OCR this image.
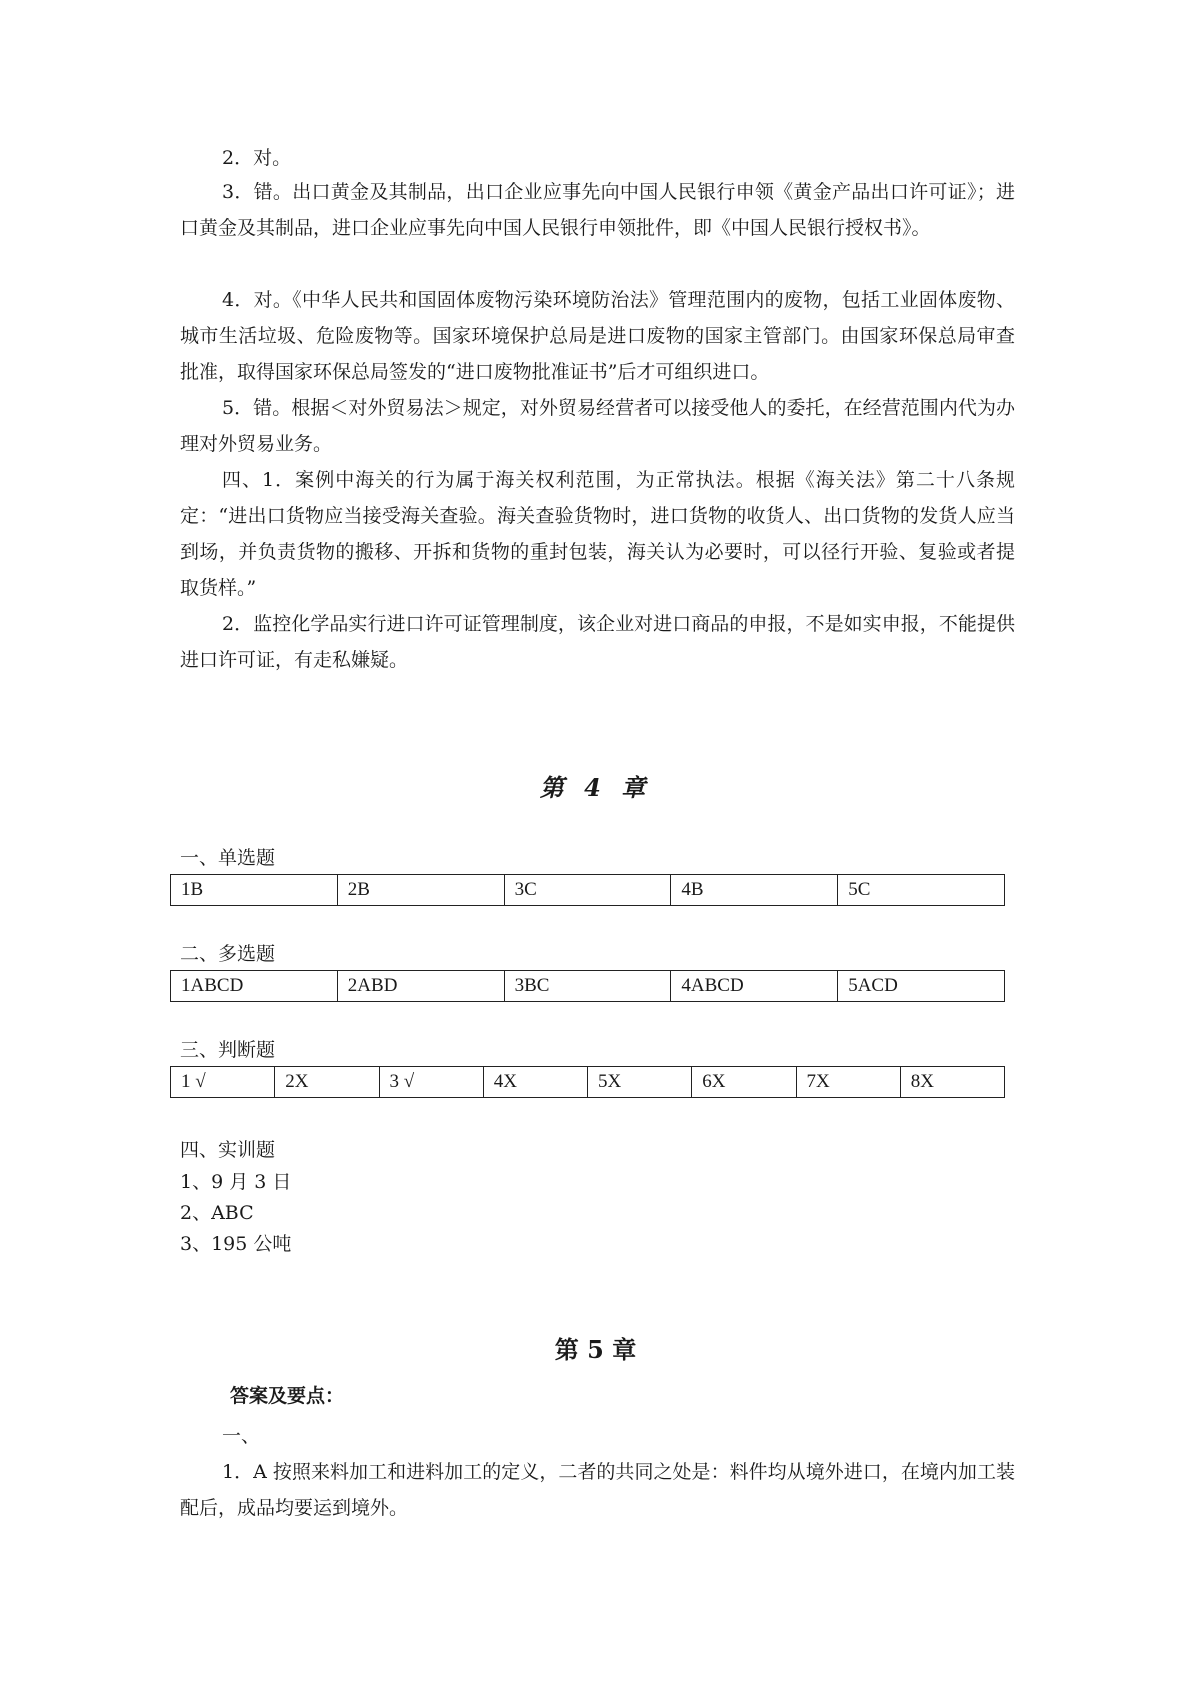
2．对。

3．错。出口黄金及其制品，出口企业应事先向中国人民银行申领《黄金产品出口许可证》；进口黄金及其制品，进口企业应事先向中国人民银行申领批件，即《中国人民银行授权书》。

4．对。《中华人民共和国固体废物污染环境防治法》管理范围内的废物，包括工业固体废物、城市生活垃圾、危险废物等。国家环境保护总局是进口废物的国家主管部门。由国家环保总局审查批准，取得国家环保总局签发的“进口废物批准证书”后才可组织进口。

5．错。根据＜对外贸易法＞规定，对外贸易经营者可以接受他人的委托，在经营范围内代为办理对外贸易业务。

四、1．案例中海关的行为属于海关权利范围，为正常执法。根据《海关法》第二十八条规定：“进出口货物应当接受海关查验。海关查验货物时，进口货物的收货人、出口货物的发货人应当到场，并负责货物的搬移、开拆和货物的重封包装，海关认为必要时，可以径行开验、复验或者提取货样。”

2．监控化学品实行进口许可证管理制度，该企业对进口商品的申报，不是如实申报，不能提供进口许可证，有走私嫌疑。

第 4 章

一、单选题

1B	2B	3C	4B	5C

二、多选题

1ABCD	2ABD	3BC	4ABCD	5ACD

三、判断题

1 √	2X	3 √	4X	5X	6X	7X	8X

四、实训题

1、9 月 3 日

2、ABC

3、195 公吨

第 5 章

答案及要点：

一、

1．A 按照来料加工和进料加工的定义，二者的共同之处是：料件均从境外进口，在境内加工装配后，成品均要运到境外。
